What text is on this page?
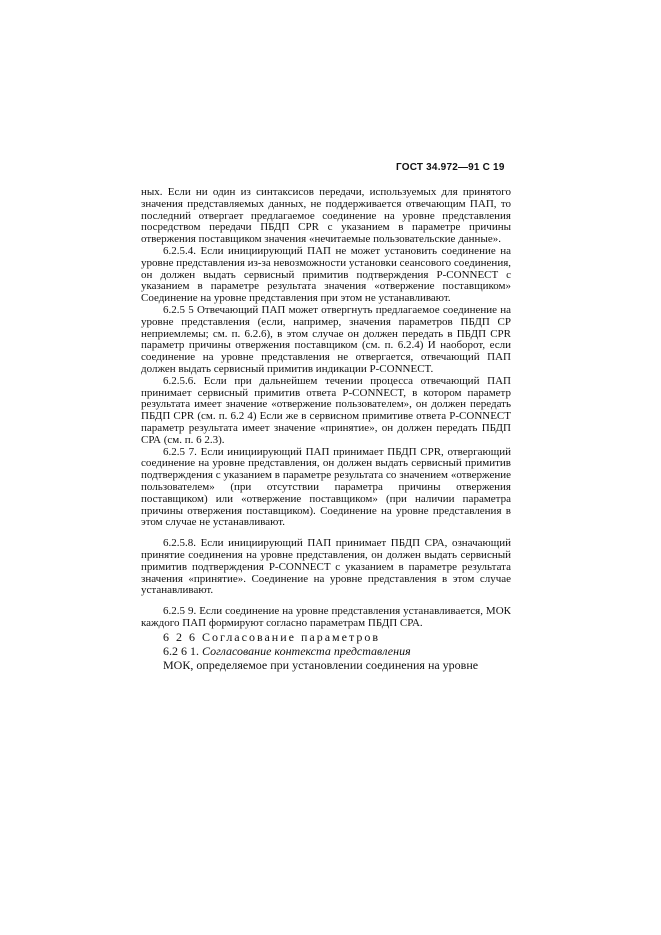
ГОСТ 34.972—91 С 19

ных. Если ни один из синтаксисов передачи, используемых для принятого значения представляемых данных, не поддерживается отвечающим ПАП, то последний отвергает предлагаемое соединение на уровне представления посредством передачи ПБДП CPR с указанием в параметре причины отвержения поставщиком значения «нечитаемые пользовательские данные».

6.2.5.4. Если инициирующий ПАП не может установить соединение на уровне представления из-за невозможности установки сеансового соединения, он должен выдать сервисный примитив подтверждения P-CONNECT с указанием в параметре результата значения «отвержение поставщиком» Соединение на уровне представления при этом не устанавливают.

6.2.5 5 Отвечающий ПАП может отвергнуть предлагаемое соединение на уровне представления (если, например, значения параметров ПБДП CP неприемлемы; см. п. 6.2.6), в этом случае он должен передать в ПБДП CPR параметр причины отвержения поставщиком (см. п. 6.2.4) И наоборот, если соединение на уровне представления не отвергается, отвечающий ПАП должен выдать сервисный примитив индикации P-CONNECT.

6.2.5.6. Если при дальнейшем течении процесса отвечающий ПАП принимает сервисный примитив ответа P-CONNECT, в котором параметр результата имеет значение «отвержение пользователем», он должен передать ПБДП CPR (см. п. 6.2 4) Если же в сервисном примитиве ответа P-CONNECT параметр результата имеет значение «принятие», он должен передать ПБДП СРА (см. п. 6 2.3).

6.2.5 7. Если инициирующий ПАП принимает ПБДП CPR, отвергающий соединение на уровне представления, он должен выдать сервисный примитив подтверждения с указанием в параметре результата со значением «отвержение пользователем» (при отсутствии параметра причины отвержения поставщиком) или «отвержение поставщиком» (при наличии параметра причины отвержения поставщиком). Соединение на уровне представления в этом случае не устанавливают.

6.2.5.8. Если инициирующий ПАП принимает ПБДП СРА, означающий принятие соединения на уровне представления, он должен выдать сервисный примитив подтверждения P-CONNECT с указанием в параметре результата значения «принятие». Соединение на уровне представления в этом случае устанавливают.

6.2.5 9. Если соединение на уровне представления устанавливается, МОК каждого ПАП формируют согласно параметрам ПБДП СРА.

6 2 6 Согласование параметров

6.2 6 1. Согласование контекста представления

МОК, определяемое при установлении соединения на уровне
